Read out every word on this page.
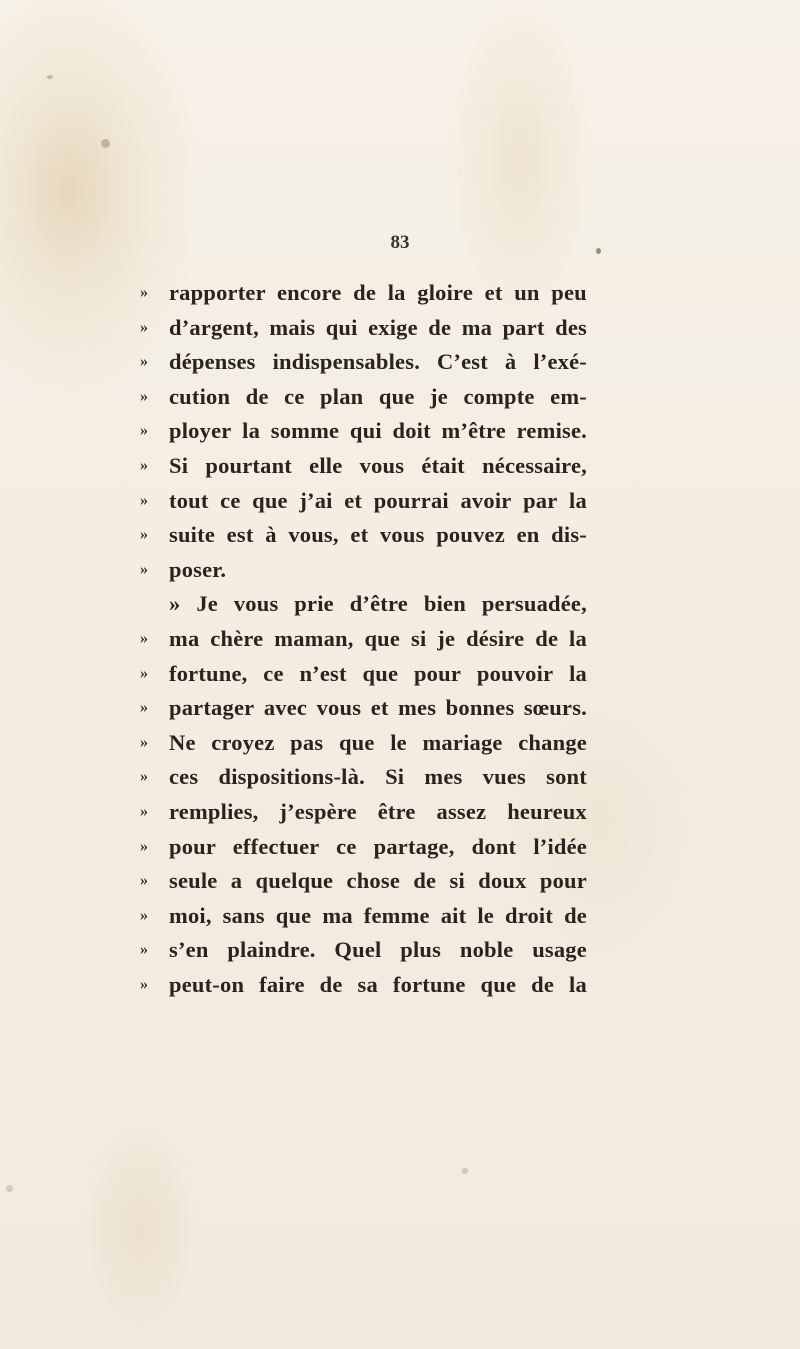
83
» rapporter encore de la gloire et un peu
» d’argent, mais qui exige de ma part des
» dépenses indispensables. C’est à l’exé-
» cution de ce plan que je compte em-
» ployer la somme qui doit m’être remise.
» Si pourtant elle vous était nécessaire,
» tout ce que j’ai et pourrai avoir par la
» suite est à vous, et vous pouvez en dis-
» poser.
» Je vous prie d’être bien persuadée,
» ma chère maman, que si je désire de la
» fortune, ce n’est que pour pouvoir la
» partager avec vous et mes bonnes sœurs.
» Ne croyez pas que le mariage change
» ces dispositions-là. Si mes vues sont
» remplies, j’espère être assez heureux
» pour effectuer ce partage, dont l’idée
» seule a quelque chose de si doux pour
» moi, sans que ma femme ait le droit de
» s’en plaindre. Quel plus noble usage
» peut-on faire de sa fortune que de la
